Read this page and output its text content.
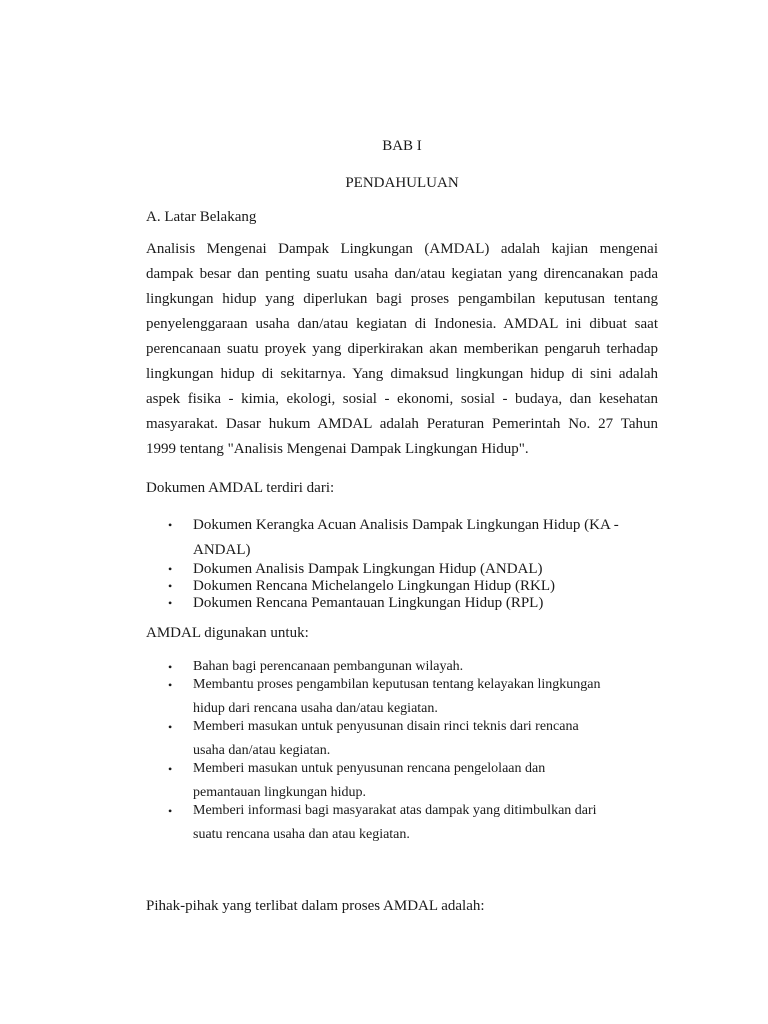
BAB I
PENDAHULUAN
A. Latar Belakang
Analisis Mengenai Dampak Lingkungan (AMDAL) adalah kajian mengenai
dampak besar dan penting suatu usaha dan/atau kegiatan yang direncanakan pada
lingkungan hidup yang diperlukan bagi proses pengambilan keputusan tentang
penyelenggaraan usaha dan/atau kegiatan di Indonesia. AMDAL ini dibuat saat
perencanaan suatu proyek yang diperkirakan akan memberikan pengaruh terhadap
lingkungan hidup di sekitarnya. Yang dimaksud lingkungan hidup di sini adalah
aspek fisika - kimia, ekologi, sosial - ekonomi, sosial - budaya, dan kesehatan
masyarakat. Dasar hukum AMDAL adalah Peraturan Pemerintah No. 27 Tahun
1999 tentang "Analisis Mengenai Dampak Lingkungan Hidup".
Dokumen AMDAL terdiri dari:
• Dokumen Kerangka Acuan Analisis Dampak Lingkungan Hidup (KA -
ANDAL)
• Dokumen Analisis Dampak Lingkungan Hidup (ANDAL)
• Dokumen Rencana Michelangelo Lingkungan Hidup (RKL)
• Dokumen Rencana Pemantauan Lingkungan Hidup (RPL)
AMDAL digunakan untuk:
• Bahan bagi perencanaan pembangunan wilayah.
• Membantu proses pengambilan keputusan tentang kelayakan lingkungan
hidup dari rencana usaha dan/atau kegiatan.
• Memberi masukan untuk penyusunan disain rinci teknis dari rencana
usaha dan/atau kegiatan.
• Memberi masukan untuk penyusunan rencana pengelolaan dan
pemantauan lingkungan hidup.
• Memberi informasi bagi masyarakat atas dampak yang ditimbulkan dari
suatu rencana usaha dan atau kegiatan.
Pihak-pihak yang terlibat dalam proses AMDAL adalah:
